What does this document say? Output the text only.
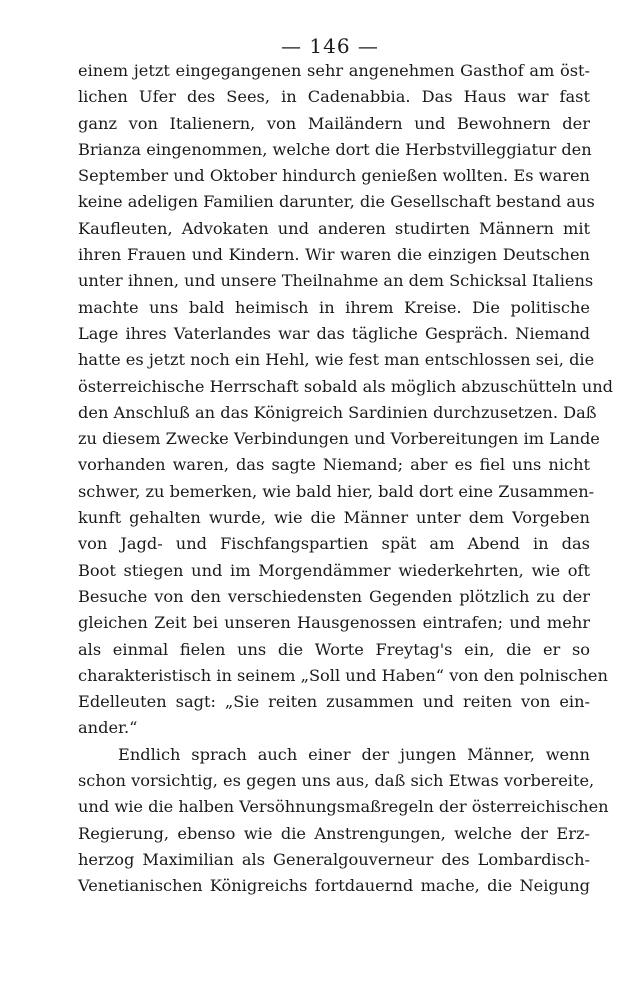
— 146 —
einem jetzt eingegangenen sehr angenehmen Gasthof am öst-
lichen Ufer des Sees, in Cadenabbia. Das Haus war fast
ganz von Italienern, von Mailändern und Bewohnern der
Brianza eingenommen, welche dort die Herbstvilleggiatur den
September und Oktober hindurch genießen wollten. Es waren
keine adeligen Familien darunter, die Gesellschaft bestand aus
Kaufleuten, Advokaten und anderen studirten Männern mit
ihren Frauen und Kindern. Wir waren die einzigen Deutschen
unter ihnen, und unsere Theilnahme an dem Schicksal Italiens
machte uns bald heimisch in ihrem Kreise. Die politische
Lage ihres Vaterlandes war das tägliche Gespräch. Niemand
hatte es jetzt noch ein Hehl, wie fest man entschlossen sei, die
österreichische Herrschaft sobald als möglich abzuschütteln und
den Anschluß an das Königreich Sardinien durchzusetzen. Daß
zu diesem Zwecke Verbindungen und Vorbereitungen im Lande
vorhanden waren, das sagte Niemand; aber es fiel uns nicht
schwer, zu bemerken, wie bald hier, bald dort eine Zusammen-
kunft gehalten wurde, wie die Männer unter dem Vorgeben
von Jagd- und Fischfangspartien spät am Abend in das
Boot stiegen und im Morgendämmer wiederkehrten, wie oft
Besuche von den verschiedensten Gegenden plötzlich zu der
gleichen Zeit bei unseren Hausgenossen eintrafen; und mehr
als einmal fielen uns die Worte Freytag's ein, die er so
charakteristisch in seinem „Soll und Haben“ von den polnischen
Edelleuten sagt: „Sie reiten zusammen und reiten von ein-
ander.“
Endlich sprach auch einer der jungen Männer, wenn
schon vorsichtig, es gegen uns aus, daß sich Etwas vorbereite,
und wie die halben Versöhnungsmaßregeln der österreichischen
Regierung, ebenso wie die Anstrengungen, welche der Erz-
herzog Maximilian als Generalgouverneur des Lombardisch-
Venetianischen Königreichs fortdauernd mache, die Neigung
